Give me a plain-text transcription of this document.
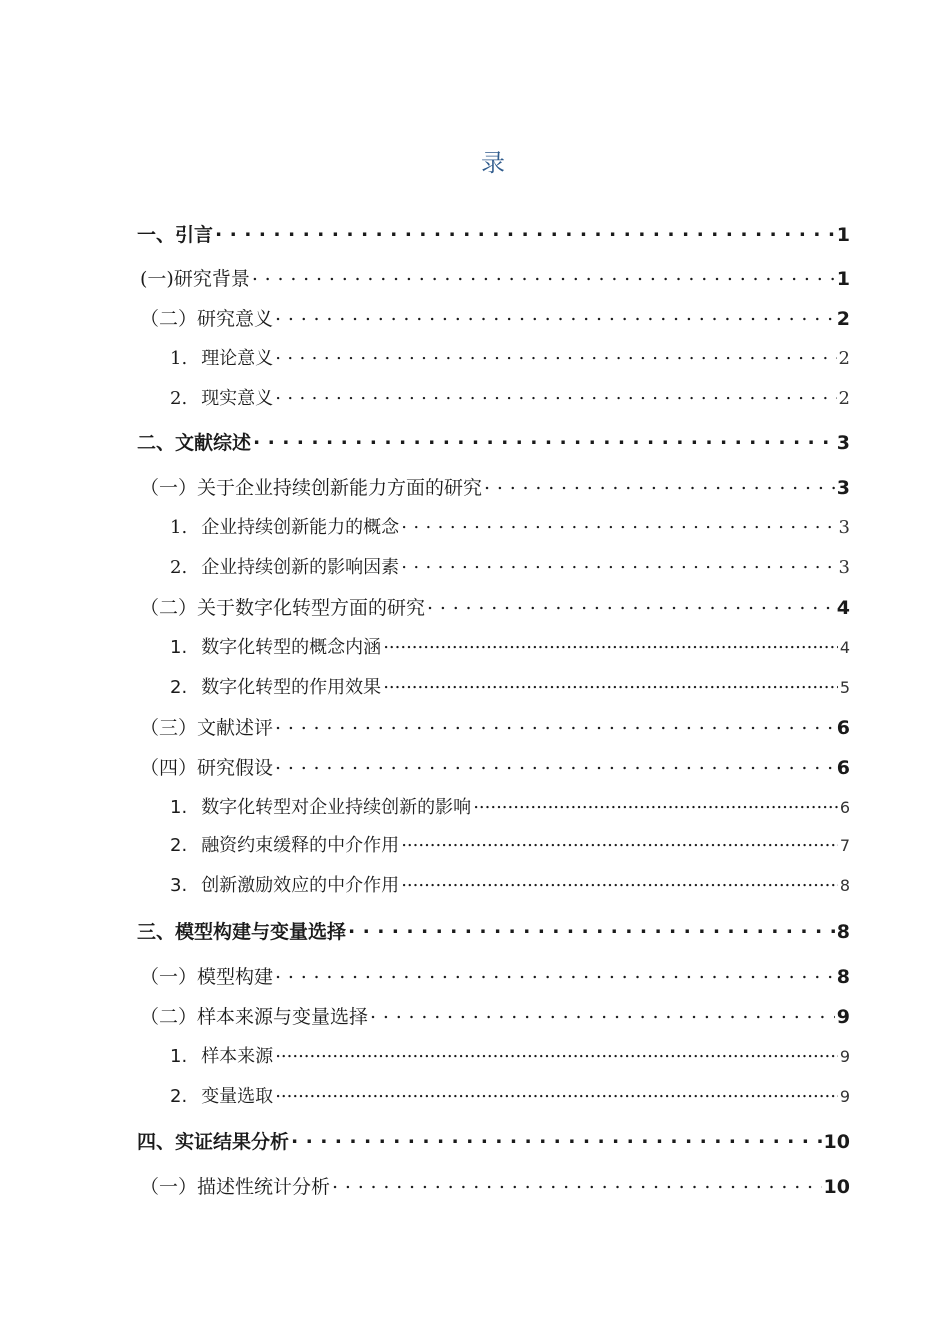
录
一、引言 . . .	1
(一)研究背景 . . .	1
（二）研究意义 . . .	2
1. 理论意义 . . .	2
2. 现实意义 . . .	2
二、文献综述 . . .	3
（一）关于企业持续创新能力方面的研究 . . .	3
1. 企业持续创新能力的概念 . . .	3
2. 企业持续创新的影响因素 . . .	3
（二）关于数字化转型方面的研究 . . .	4
1. 数字化转型的概念内涵 .....	4
2. 数字化转型的作用效果 .....	5
（三）文献述评 . . .	6
（四）研究假设 . . .	6
1. 数字化转型对企业持续创新的影响 .....	6
2. 融资约束缓释的中介作用 .....	7
3. 创新激励效应的中介作用 .....	8
三、模型构建与变量选择 . . .	8
（一）模型构建 . . .	8
（二）样本来源与变量选择 . . .	9
1. 样本来源 .....	9
2. 变量选取 .....	9
四、实证结果分析 . . .	10
（一）描述性统计分析 . . .	10
